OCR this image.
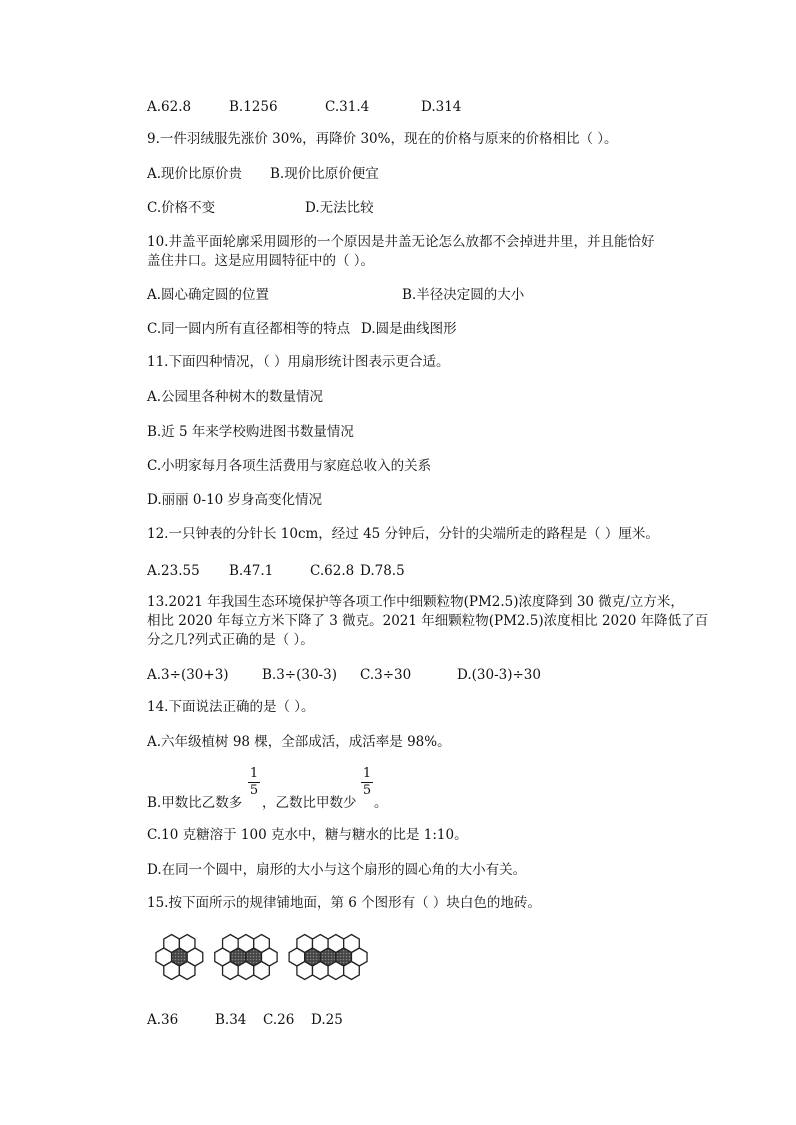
A.62.8	B.1256	C.31.4	D.314
9.一件羽绒服先涨价 30%，再降价 30%，现在的价格与原来的价格相比（ ）。
A.现价比原价贵 B.现价比原价便宜
C.价格不变	D.无法比较
10.井盖平面轮廓采用圆形的一个原因是井盖无论怎么放都不会掉进井里，并且能恰好
盖住井口。这是应用圆特征中的（ ）。
A.圆心确定圆的位置	B.半径决定圆的大小
C.同一圆内所有直径都相等的特点 D.圆是曲线图形
11.下面四种情况，（ ）用扇形统计图表示更合适。
A.公园里各种树木的数量情况
B.近 5 年来学校购进图书数量情况
C.小明家每月各项生活费用与家庭总收入的关系
D.丽丽 0-10 岁身高变化情况
12.一只钟表的分针长 10cm，经过 45 分钟后，分针的尖端所走的路程是（ ）厘米。
A.23.55 B.47.1	C.62.8 D.78.5
13.2021 年我国生态环境保护等各项工作中细颗粒物(PM2.5)浓度降到 30 微克/立方米，
相比 2020 年每立方米下降了 3 微克。2021 年细颗粒物(PM2.5)浓度相比 2020 年降低了百
分之几?列式正确的是（ ）。
A.3÷(30+3) B.3÷(30-3) C.3÷30	D.(30-3)÷30
14.下面说法正确的是（ ）。
A.六年级植树 98 棵，全部成活，成活率是 98%。
B.甲数比乙数多
1
5
，乙数比甲数少
1
5
。
C.10 克糖溶于 100 克水中，糖与糖水的比是 1:10。
D.在同一个圆中，扇形的大小与这个扇形的圆心角的大小有关。
15.按下面所示的规律铺地面，第 6 个图形有（ ）块白色的地砖。
A.36	B.34 C.26 D.25
